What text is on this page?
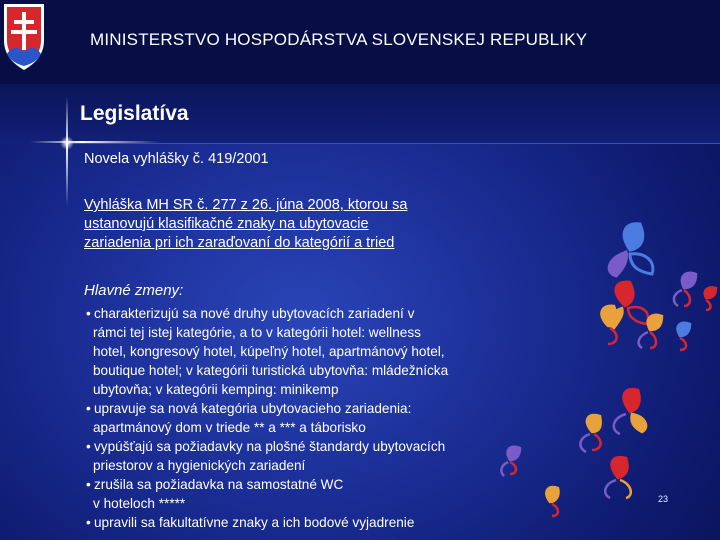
MINISTERSTVO HOSPODÁRSTVA SLOVENSKEJ REPUBLIKY
Legislatíva
Novela vyhlášky č. 419/2001
Vyhláška MH SR č. 277 z 26. júna 2008, ktorou sa
ustanovujú klasifikačné znaky na ubytovacie
zariadenia pri ich zaraďovaní do kategórií a tried
Hlavné zmeny:
• charakterizujú sa nové druhy ubytovacích zariadení v
rámci tej istej kategórie, a to v kategórii hotel: wellness
hotel, kongresový hotel, kúpeľný hotel, apartmánový hotel,
boutique hotel; v kategórii turistická ubytovňa: mládežnícka
ubytovňa; v kategórii kemping: minikemp
• upravuje sa nová kategória ubytovacieho zariadenia:
apartmánový dom v triede ** a *** a táborisko
• vypúšťajú sa požiadavky na plošné štandardy ubytovacích
priestorov a hygienických zariadení
• zrušila sa požiadavka na samostatné WC
v hoteloch *****
• upravili sa fakultatívne znaky a ich bodové vyjadrenie
23
